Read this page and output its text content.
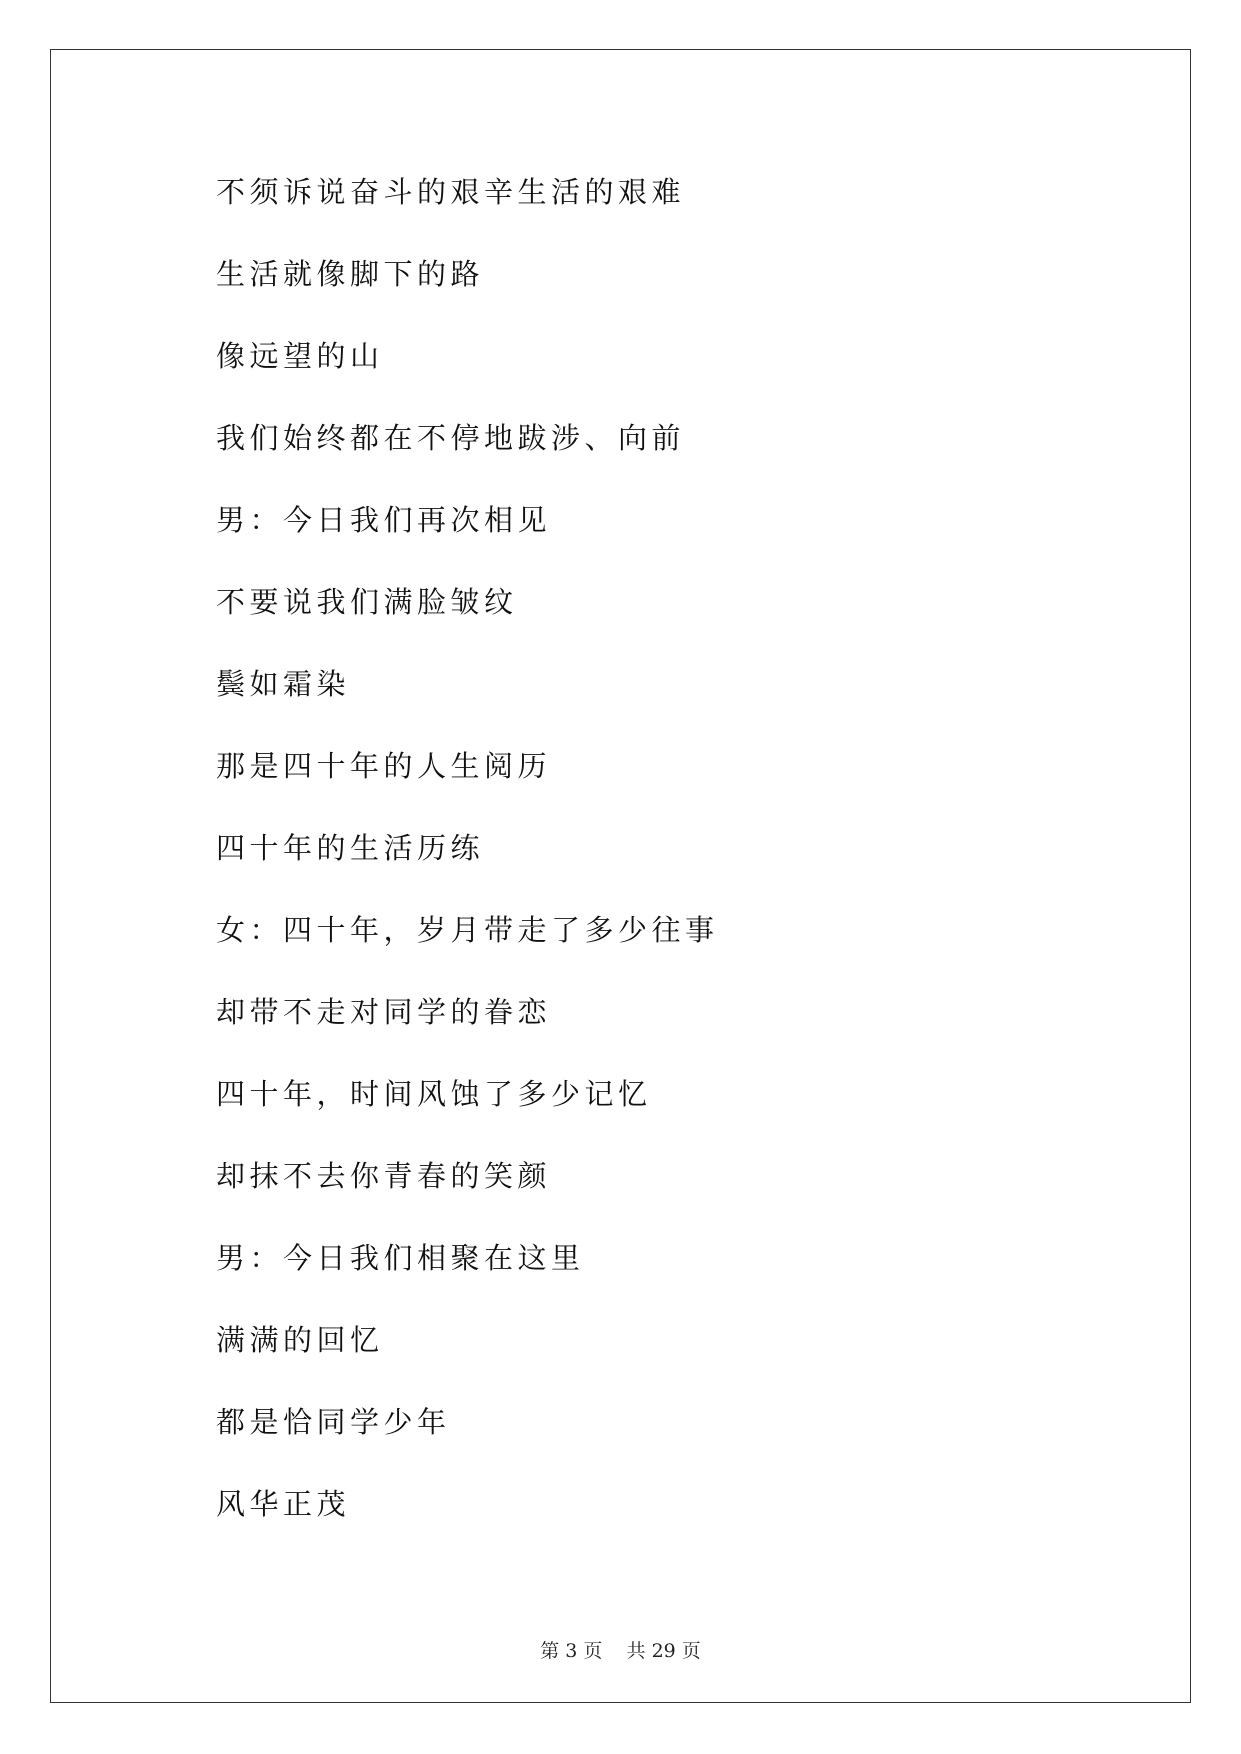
不须诉说奋斗的艰辛生活的艰难
生活就像脚下的路
像远望的山
我们始终都在不停地跋涉、向前
男：今日我们再次相见
不要说我们满脸皱纹
鬓如霜染
那是四十年的人生阅历
四十年的生活历练
女：四十年，岁月带走了多少往事
却带不走对同学的眷恋
四十年，时间风蚀了多少记忆
却抹不去你青春的笑颜
男：今日我们相聚在这里
满满的回忆
都是恰同学少年
风华正茂
第 3 页    共 29 页
